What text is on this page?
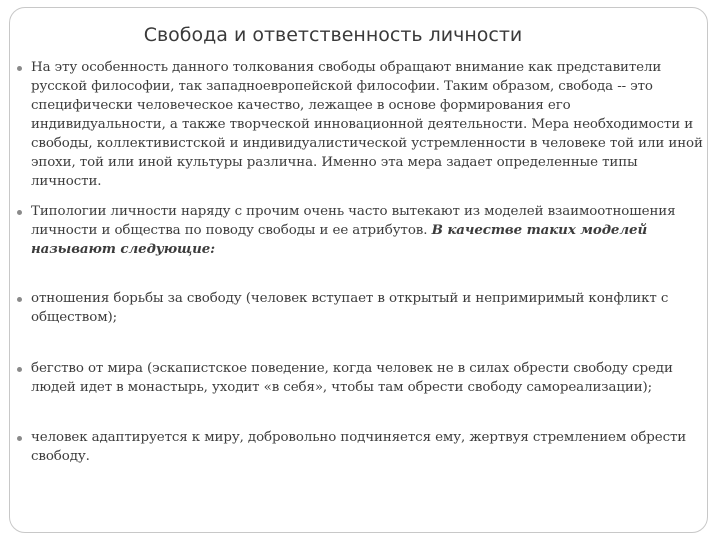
Свобода и ответственность личности

На эту особенность данного толкования свободы обращают внимание как представители русской философии, так западноевропейской философии. Таким образом, свобода -- это специфически человеческое качество, лежащее в основе формирования его индивидуальности, а также творческой инновационной деятельности. Мера необходимости и свободы, коллективистской и индивидуалистической устремленности в человеке той или иной эпохи, той или иной культуры различна. Именно эта мера задает определенные типы личности.

Типологии личности наряду с прочим очень часто вытекают из моделей взаимоотношения личности и общества по поводу свободы и ее атрибутов. В качестве таких моделей называют следующие:

отношения борьбы за свободу (человек вступает в открытый и непримиримый конфликт с обществом);

бегство от мира (эскапистское поведение, когда человек не в силах обрести свободу среди людей идет в монастырь, уходит «в себя», чтобы там обрести свободу самореализации);

человек адаптируется к миру, добровольно подчиняется ему, жертвуя стремлением обрести свободу.
